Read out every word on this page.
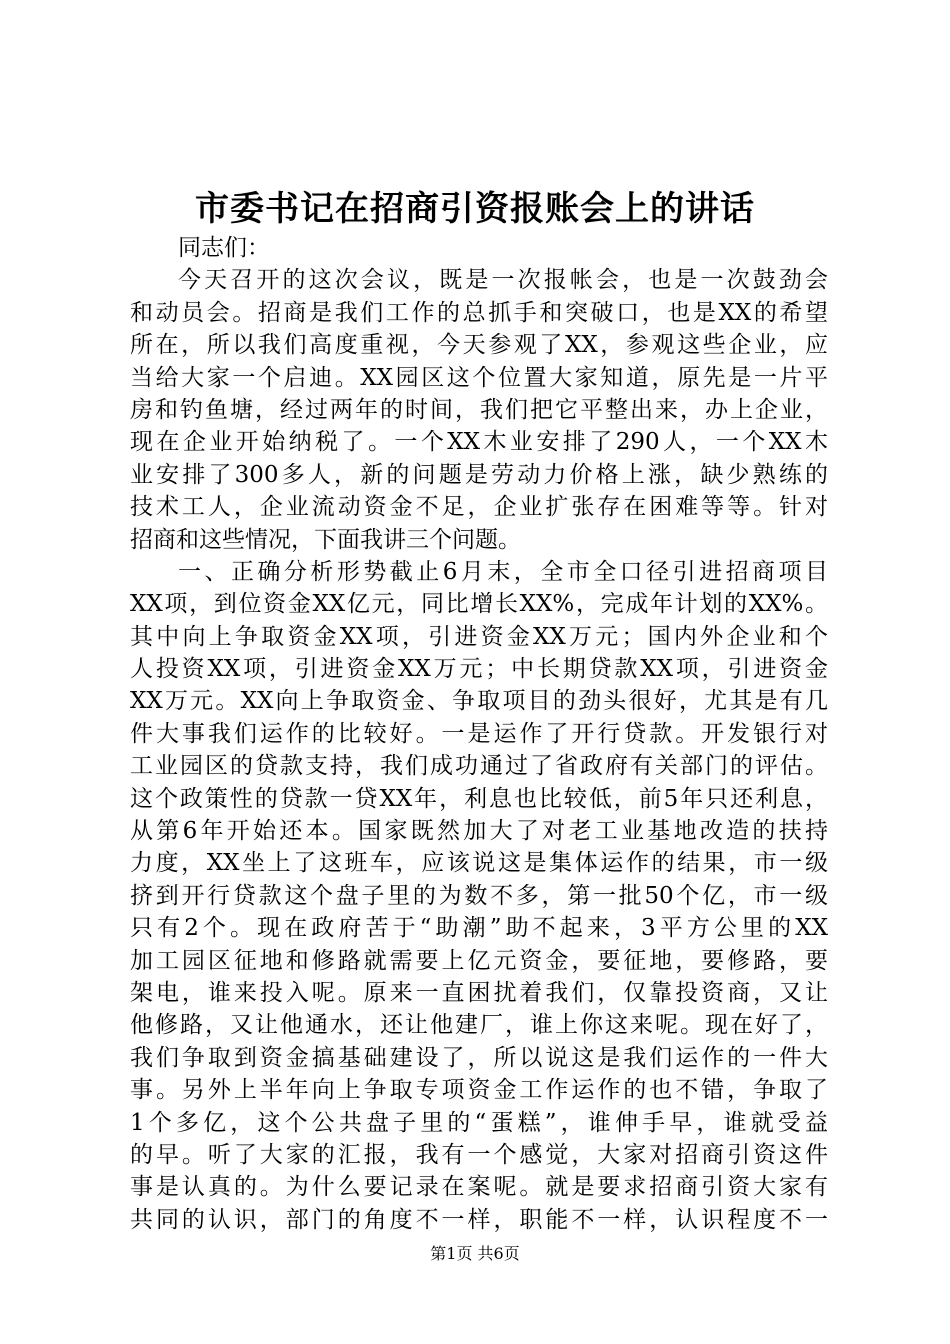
市委书记在招商引资报账会上的讲话
同志们：
今天召开的这次会议，既是一次报帐会，也是一次鼓劲会
和动员会。招商是我们工作的总抓手和突破口，也是XX的希望
所在，所以我们高度重视，今天参观了XX，参观这些企业，应
当给大家一个启迪。XX园区这个位置大家知道，原先是一片平
房和钓鱼塘，经过两年的时间，我们把它平整出来，办上企业，
现在企业开始纳税了。一个XX木业安排了290人，一个XX木
业安排了300多人，新的问题是劳动力价格上涨，缺少熟练的
技术工人，企业流动资金不足，企业扩张存在困难等等。针对
招商和这些情况，下面我讲三个问题。
一、正确分析形势截止6月末，全市全口径引进招商项目
XX项，到位资金XX亿元，同比增长XX%，完成年计划的XX%。
其中向上争取资金XX项，引进资金XX万元；国内外企业和个
人投资XX项，引进资金XX万元；中长期贷款XX项，引进资金
XX万元。XX向上争取资金、争取项目的劲头很好，尤其是有几
件大事我们运作的比较好。一是运作了开行贷款。开发银行对
工业园区的贷款支持，我们成功通过了省政府有关部门的评估。
这个政策性的贷款一贷XX年，利息也比较低，前5年只还利息，
从第6年开始还本。国家既然加大了对老工业基地改造的扶持
力度，XX坐上了这班车，应该说这是集体运作的结果，市一级
挤到开行贷款这个盘子里的为数不多，第一批50个亿，市一级
只有2个。现在政府苦于“助潮”助不起来，3平方公里的XX
加工园区征地和修路就需要上亿元资金，要征地，要修路，要
架电，谁来投入呢。原来一直困扰着我们，仅靠投资商，又让
他修路，又让他通水，还让他建厂，谁上你这来呢。现在好了，
我们争取到资金搞基础建设了，所以说这是我们运作的一件大
事。另外上半年向上争取专项资金工作运作的也不错，争取了
1个多亿，这个公共盘子里的“蛋糕”，谁伸手早，谁就受益
的早。听了大家的汇报，我有一个感觉，大家对招商引资这件
事是认真的。为什么要记录在案呢。就是要求招商引资大家有
共同的认识，部门的角度不一样，职能不一样，认识程度不一
第1页 共6页
